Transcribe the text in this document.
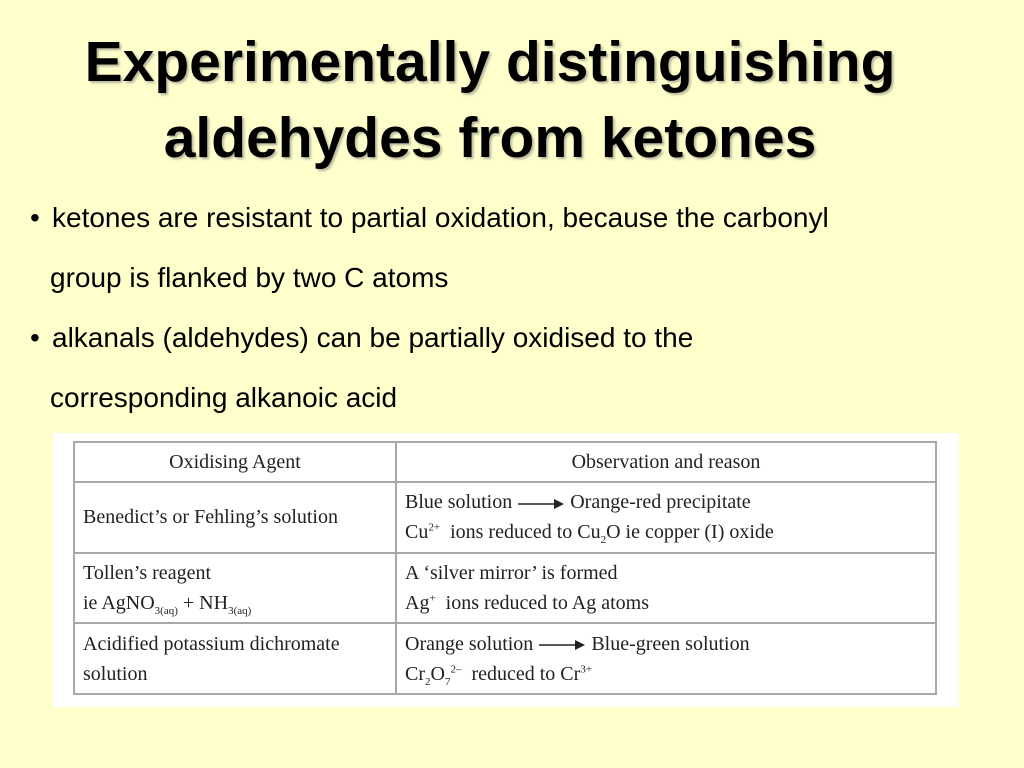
Experimentally distinguishing
aldehydes from ketones
• ketones are resistant to partial oxidation, because the carbonyl
group is flanked by two C atoms
• alkanals (aldehydes) can be partially oxidised to the
corresponding alkanoic acid
Oxidising Agent	Observation and reason

Benedict’s or Fehling’s solution	Blue solution Orange-red precipitate
$Cu^{2+}$ ions reduced to $Cu_2O$ ie copper (I) oxide

Tollen’s reagent
ie AgNO$_{3(aq)}$ + $NH_{3(aq)}$	A ‘silver mirror’ is formed
Ag+ ions reduced to Ag atoms

Acidified potassium dichromate
solution	Orange solution Blue-green solution
$Cr_2O_7^{2-}$ reduced to $Cr^{3+}$
